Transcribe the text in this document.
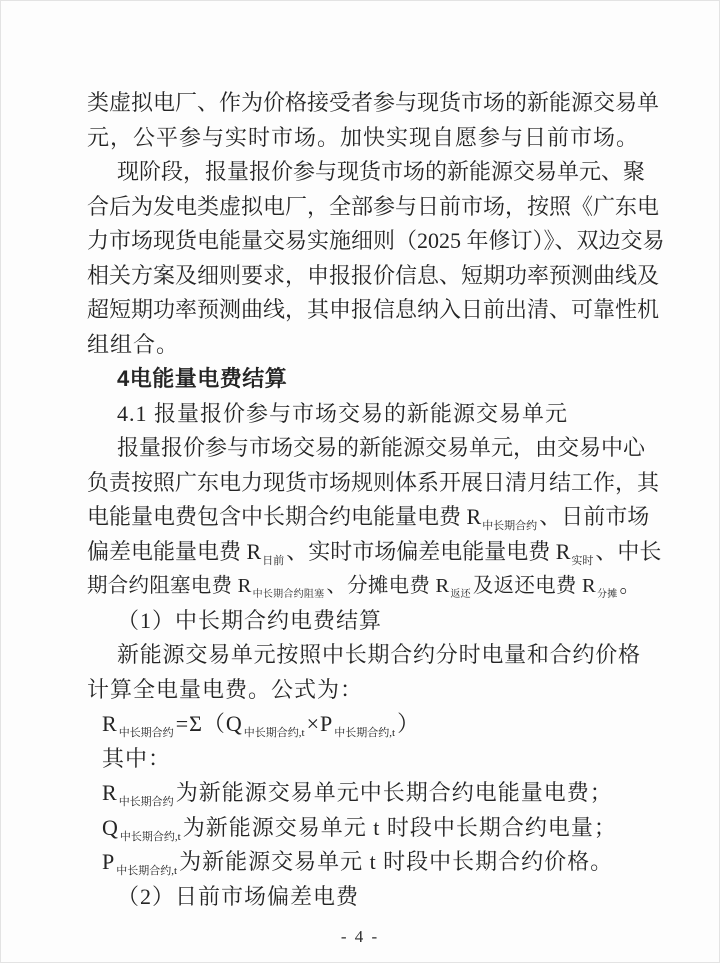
类虚拟电厂、作为价格接受者参与现货市场的新能源交易单
元，公平参与实时市场。加快实现自愿参与日前市场。
现阶段，报量报价参与现货市场的新能源交易单元、聚
合后为发电类虚拟电厂，全部参与日前市场，按照《广东电
力市场现货电能量交易实施细则（2025 年修订）》、双边交易
相关方案及细则要求，申报报价信息、短期功率预测曲线及
超短期功率预测曲线，其申报信息纳入日前出清、可靠性机
组组合。
4电能量电费结算
4.1 报量报价参与市场交易的新能源交易单元
报量报价参与市场交易的新能源交易单元，由交易中心
负责按照广东电力现货市场规则体系开展日清月结工作，其
电能量电费包含中长期合约电能量电费 $R_{中长期合约}$、日前市场
偏差电能量电费 $R_{日前}$、实时市场偏差电能量电费 $R_{实时}$、中长
期合约阻塞电费 $R_{中长期合约阻塞}$、分摊电费 $R_{返还}$及返还电费 $R_{分摊}$。
（1）中长期合约电费结算
新能源交易单元按照中长期合约分时电量和合约价格
计算全电量电费。公式为：
$R_{中长期合约}=\Sigma(Q_{中长期合约,t}\times P_{中长期合约,t})$
其中：
$R_{中长期合约}$为新能源交易单元中长期合约电能量电费；
$Q_{中长期合约,t}$为新能源交易单元 t 时段中长期合约电量；
$P_{中长期合约,t}$为新能源交易单元 t 时段中长期合约价格。
（2）日前市场偏差电费
- 4 -
